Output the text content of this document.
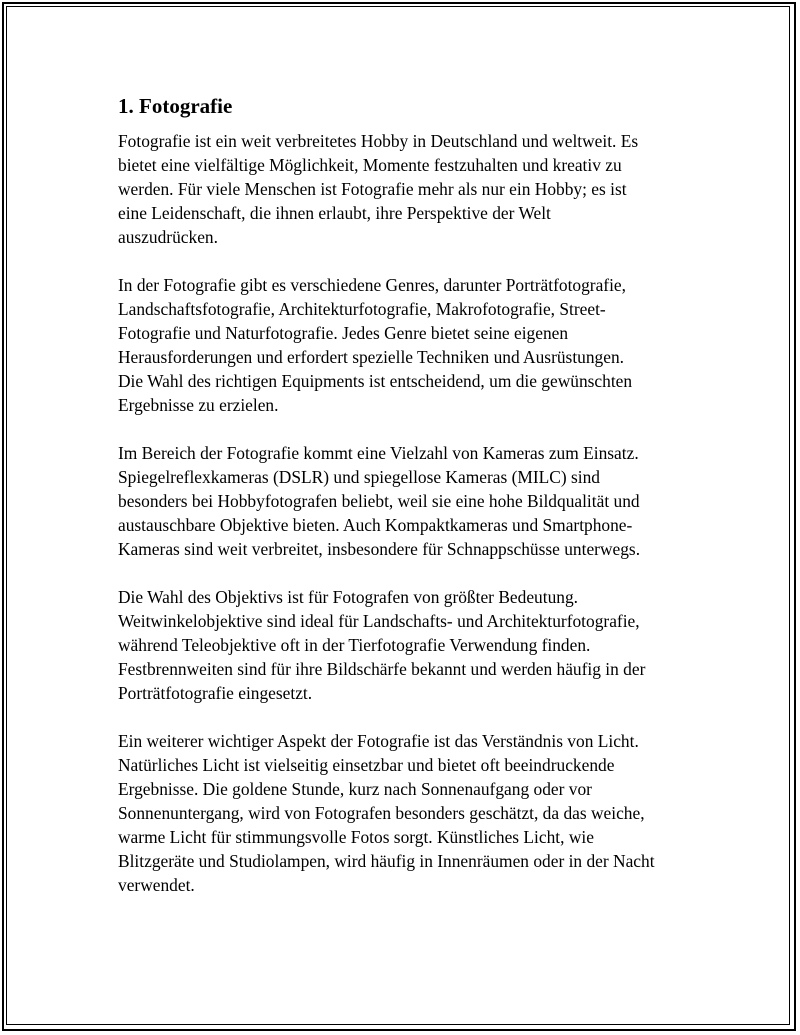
1. Fotografie

Fotografie ist ein weit verbreitetes Hobby in Deutschland und weltweit. Es
bietet eine vielfältige Möglichkeit, Momente festzuhalten und kreativ zu
werden. Für viele Menschen ist Fotografie mehr als nur ein Hobby; es ist
eine Leidenschaft, die ihnen erlaubt, ihre Perspektive der Welt
auszudrücken.

In der Fotografie gibt es verschiedene Genres, darunter Porträtfotografie,
Landschaftsfotografie, Architekturfotografie, Makrofotografie, Street-
Fotografie und Naturfotografie. Jedes Genre bietet seine eigenen
Herausforderungen und erfordert spezielle Techniken und Ausrüstungen.
Die Wahl des richtigen Equipments ist entscheidend, um die gewünschten
Ergebnisse zu erzielen.

Im Bereich der Fotografie kommt eine Vielzahl von Kameras zum Einsatz.
Spiegelreflexkameras (DSLR) und spiegellose Kameras (MILC) sind
besonders bei Hobbyfotografen beliebt, weil sie eine hohe Bildqualität und
austauschbare Objektive bieten. Auch Kompaktkameras und Smartphone-
Kameras sind weit verbreitet, insbesondere für Schnappschüsse unterwegs.

Die Wahl des Objektivs ist für Fotografen von größter Bedeutung.
Weitwinkelobjektive sind ideal für Landschafts- und Architekturfotografie,
während Teleobjektive oft in der Tierfotografie Verwendung finden.
Festbrennweiten sind für ihre Bildschärfe bekannt und werden häufig in der
Porträtfotografie eingesetzt.

Ein weiterer wichtiger Aspekt der Fotografie ist das Verständnis von Licht.
Natürliches Licht ist vielseitig einsetzbar und bietet oft beeindruckende
Ergebnisse. Die goldene Stunde, kurz nach Sonnenaufgang oder vor
Sonnenuntergang, wird von Fotografen besonders geschätzt, da das weiche,
warme Licht für stimmungsvolle Fotos sorgt. Künstliches Licht, wie
Blitzgeräte und Studiolampen, wird häufig in Innenräumen oder in der Nacht
verwendet.
